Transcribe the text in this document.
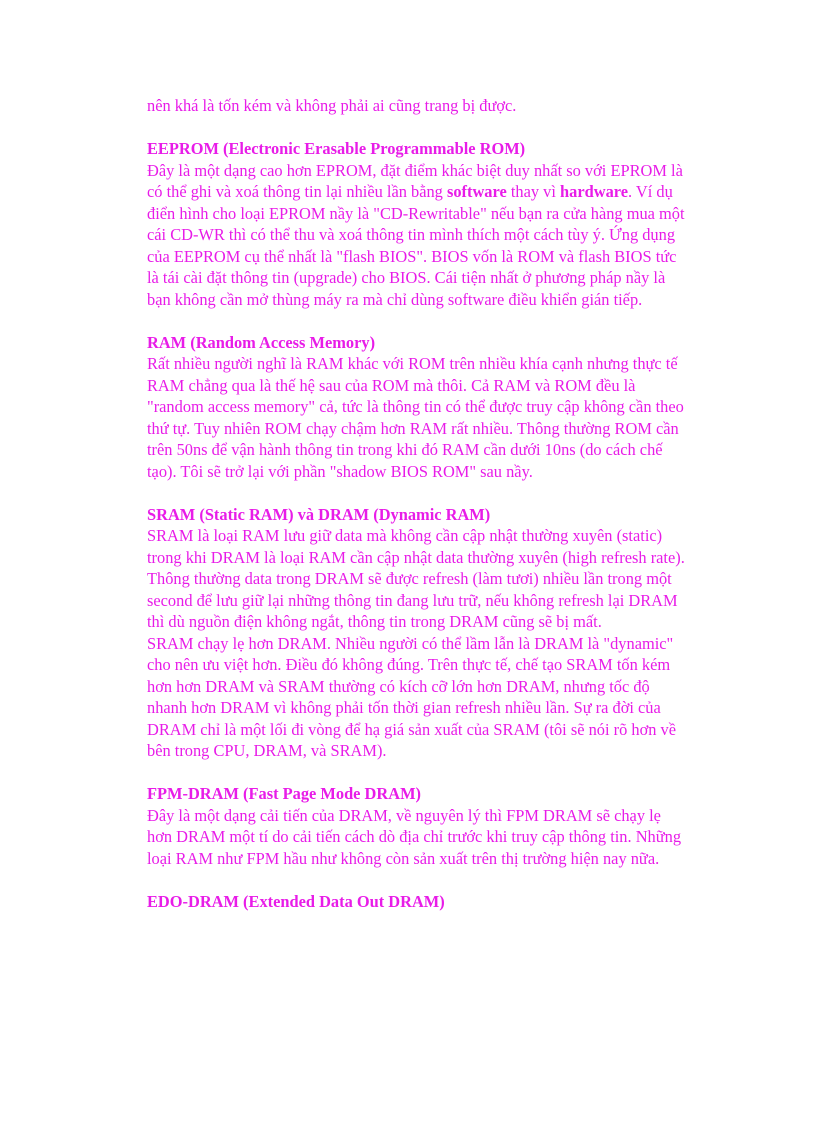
nên khá là tốn kém và không phải ai cũng trang bị được.

EEPROM (Electronic Erasable Programmable ROM)

Đây là một dạng cao hơn EPROM, đặt điểm khác biệt duy nhất so với EPROM là có thể ghi và xoá thông tin lại nhiều lần bằng software thay vì hardware. Ví dụ điển hình cho loại EPROM nầy là "CD-Rewritable" nếu bạn ra cửa hàng mua một cái CD-WR thì có thể thu và xoá thông tin mình thích một cách tùy ý. Ứng dụng của EEPROM cụ thể nhất là "flash BIOS". BIOS vốn là ROM và flash BIOS tức là tái cài đặt thông tin (upgrade) cho BIOS. Cái tiện nhất ở phương pháp nầy là bạn không cần mở thùng máy ra mà chỉ dùng software điều khiển gián tiếp.

RAM (Random Access Memory)

Rất nhiều người nghĩ là RAM khác với ROM trên nhiều khía cạnh nhưng thực tế RAM chẳng qua là thế hệ sau của ROM mà thôi. Cả RAM và ROM đều là "random access memory" cả, tức là thông tin có thể được truy cập không cần theo thứ tự. Tuy nhiên ROM chạy chậm hơn RAM rất nhiều. Thông thường ROM cần trên 50ns để vận hành thông tin trong khi đó RAM cần dưới 10ns (do cách chế tạo). Tôi sẽ trở lại với phần "shadow BIOS ROM" sau nầy.

SRAM (Static RAM) và DRAM (Dynamic RAM)

SRAM là loại RAM lưu giữ data mà không cần cập nhật thường xuyên (static) trong khi DRAM là loại RAM cần cập nhật data thường xuyên (high refresh rate). Thông thường data trong DRAM sẽ được refresh (làm tươi) nhiều lần trong một second để lưu giữ lại những thông tin đang lưu trữ, nếu không refresh lại DRAM thì dù nguồn điện không ngắt, thông tin trong DRAM cũng sẽ bị mất.

SRAM chạy lẹ hơn DRAM. Nhiều người có thể lầm lẫn là DRAM là "dynamic" cho nên ưu việt hơn. Điều đó không đúng. Trên thực tế, chế tạo SRAM tốn kém hơn hơn DRAM và SRAM thường có kích cỡ lớn hơn DRAM, nhưng tốc độ nhanh hơn DRAM vì không phải tốn thời gian refresh nhiều lần. Sự ra đời của DRAM chỉ là một lối đi vòng để hạ giá sản xuất của SRAM (tôi sẽ nói rõ hơn về bên trong CPU, DRAM, và SRAM).

FPM-DRAM (Fast Page Mode DRAM)

Đây là một dạng cải tiến của DRAM, về nguyên lý thì FPM DRAM sẽ chạy lẹ hơn DRAM một tí do cải tiến cách dò địa chỉ trước khi truy cập thông tin. Những loại RAM như FPM hầu như không còn sản xuất trên thị trường hiện nay nữa.

EDO-DRAM (Extended Data Out DRAM)
